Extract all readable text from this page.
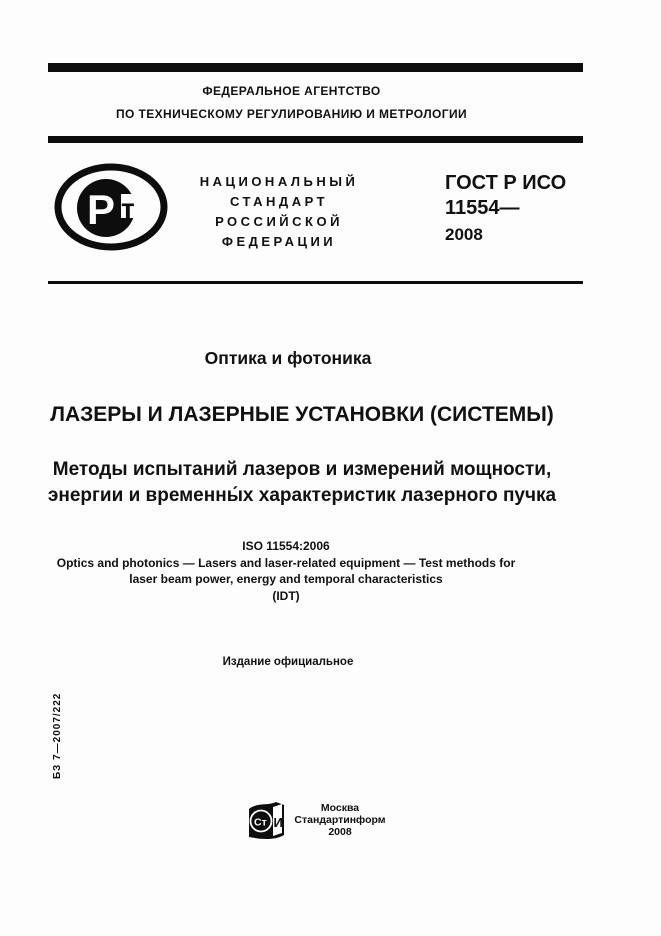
ФЕДЕРАЛЬНОЕ АГЕНТСТВО
ПО ТЕХНИЧЕСКОМУ РЕГУЛИРОВАНИЮ И МЕТРОЛОГИИ
Р т
НАЦИОНАЛЬНЫЙ
СТАНДАРТ
РОССИЙСКОЙ
ФЕДЕРАЦИИ
ГОСТ Р ИСО
11554—
2008
Оптика и фотоника
ЛАЗЕРЫ И ЛАЗЕРНЫЕ УСТАНОВКИ (СИСТЕМЫ)
Методы испытаний лазеров и измерений мощности,
энергии и временны́х характеристик лазерного пучка
ISO 11554:2006
Optics and photonics — Lasers and laser-related equipment — Test methods for
laser beam power, energy and temporal characteristics
(IDT)
Издание официальное
БЗ 7—2007/222
Ст И
Москва
Стандартинформ
2008
